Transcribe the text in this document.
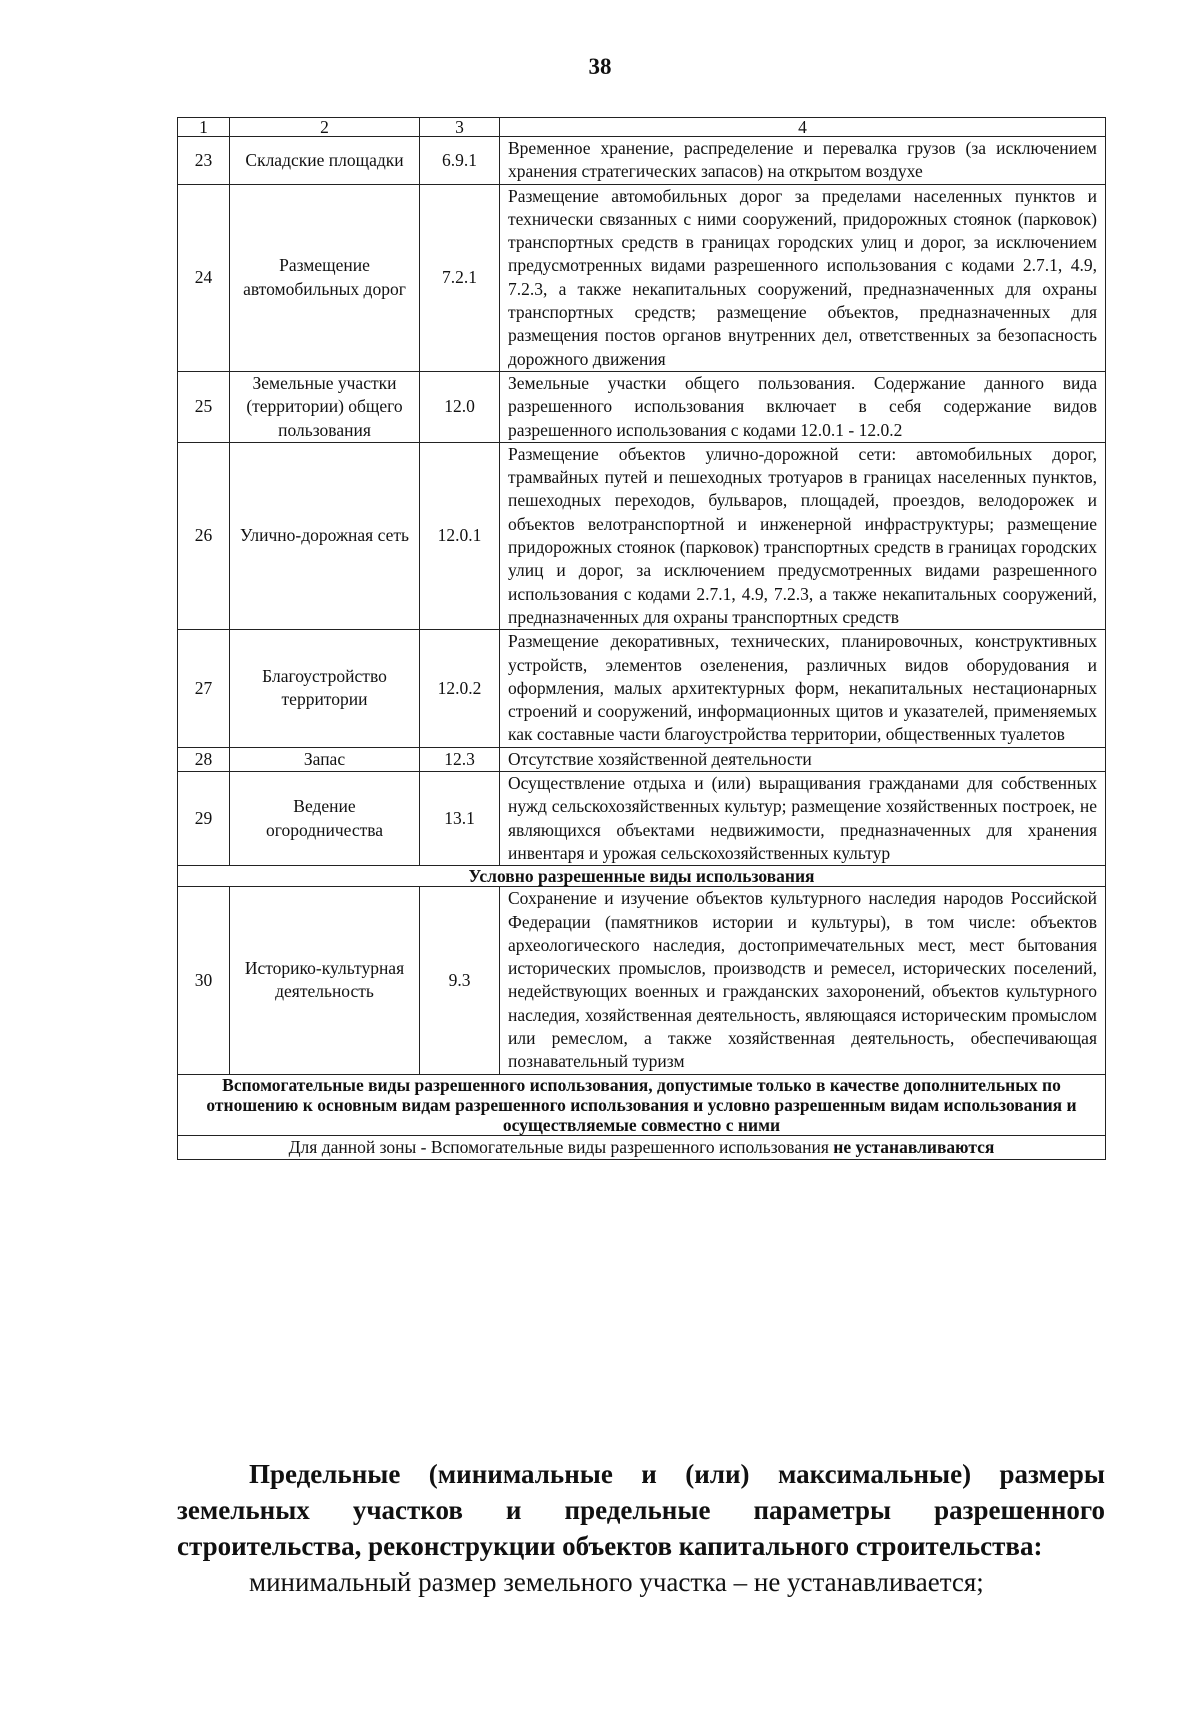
38
1	2	3	4
23	Складские площадки	6.9.1	Временное хранение, распределение и перевалка грузов (за исключением хранения стратегических запасов) на открытом воздухе
24	Размещение автомобильных дорог	7.2.1	Размещение автомобильных дорог за пределами населенных пунктов и технически связанных с ними сооружений, придорожных стоянок (парковок) транспортных средств в границах городских улиц и дорог, за исключением предусмотренных видами разрешенного использования с кодами 2.7.1, 4.9, 7.2.3, а также некапитальных сооружений, предназначенных для охраны транспортных средств; размещение объектов, предназначенных для размещения постов органов внутренних дел, ответственных за безопасность дорожного движения
25	Земельные участки (территории) общего пользования	12.0	Земельные участки общего пользования. Содержание данного вида разрешенного использования включает в себя содержание видов разрешенного использования с кодами 12.0.1 - 12.0.2
26	Улично-дорожная сеть	12.0.1	Размещение объектов улично-дорожной сети: автомобильных дорог, трамвайных путей и пешеходных тротуаров в границах населенных пунктов, пешеходных переходов, бульваров, площадей, проездов, велодорожек и объектов велотранспортной и инженерной инфраструктуры; размещение придорожных стоянок (парковок) транспортных средств в границах городских улиц и дорог, за исключением предусмотренных видами разрешенного использования с кодами 2.7.1, 4.9, 7.2.3, а также некапитальных сооружений, предназначенных для охраны транспортных средств
27	Благоустройство территории	12.0.2	Размещение декоративных, технических, планировочных, конструктивных устройств, элементов озеленения, различных видов оборудования и оформления, малых архитектурных форм, некапитальных нестационарных строений и сооружений, информационных щитов и указателей, применяемых как составные части благоустройства территории, общественных туалетов
28	Запас	12.3	Отсутствие хозяйственной деятельности
29	Ведение огородничества	13.1	Осуществление отдыха и (или) выращивания гражданами для собственных нужд сельскохозяйственных культур; размещение хозяйственных построек, не являющихся объектами недвижимости, предназначенных для хранения инвентаря и урожая сельскохозяйственных культур
Условно разрешенные виды использования			
30	Историко-культурная деятельность	9.3	Сохранение и изучение объектов культурного наследия народов Российской Федерации (памятников истории и культуры), в том числе: объектов археологического наследия, достопримечательных мест, мест бытования исторических промыслов, производств и ремесел, исторических поселений, недействующих военных и гражданских захоронений, объектов культурного наследия, хозяйственная деятельность, являющаяся историческим промыслом или ремеслом, а также хозяйственная деятельность, обеспечивающая познавательный туризм
Вспомогательные виды разрешенного использования, допустимые только в качестве дополнительных по отношению к основным видам разрешенного использования и условно разрешенным видам использования и осуществляемые совместно с ними			
Для данной зоны - Вспомогательные виды разрешенного использования не устанавливаются			
Предельные (минимальные и (или) максимальные) размеры земельных участков и предельные параметры разрешенного строительства, реконструкции объектов капитального строительства:
минимальный размер земельного участка – не устанавливается;
